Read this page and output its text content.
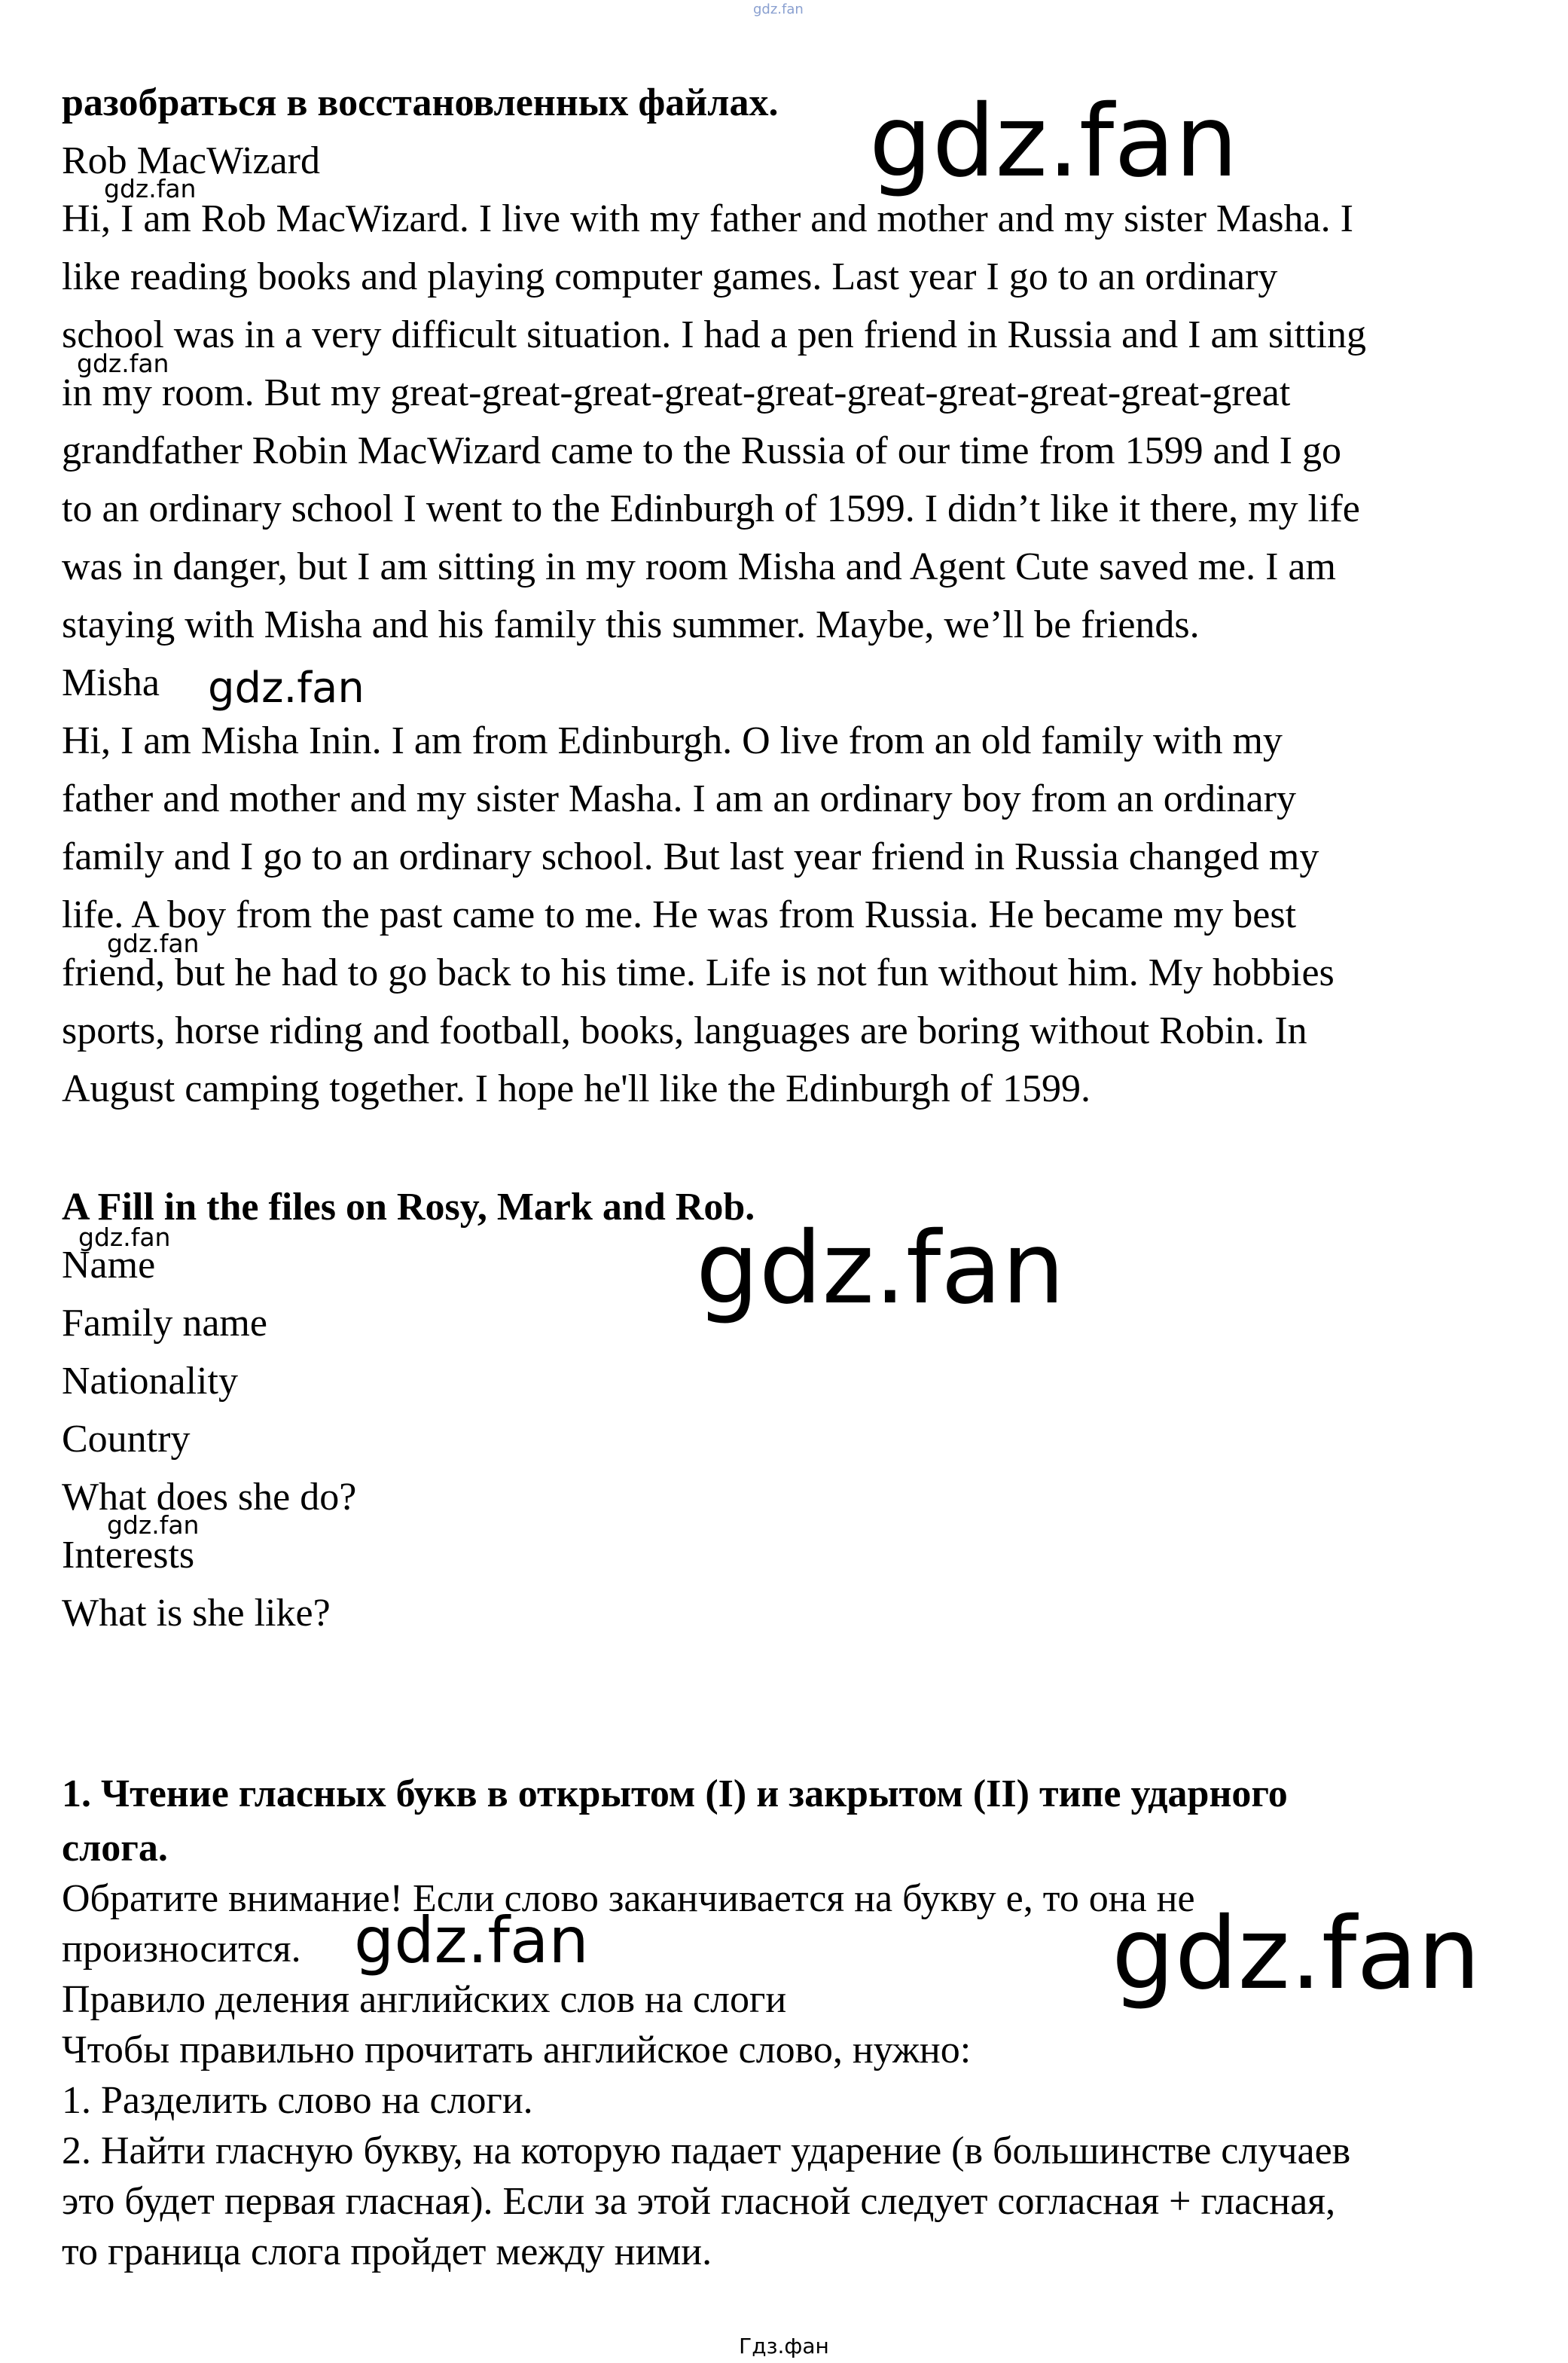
gdz.fan
разобраться в восстановленных файлах.
Rob MacWizard
Hi, I am Rob MacWizard. I live with my father and mother and my sister Masha. I
like reading books and playing computer games. Last year I go to an ordinary
school was in a very difficult situation. I had a pen friend in Russia and I am sitting
in my room. But my great-great-great-great-great-great-great-great-great-great
grandfather Robin MacWizard came to the Russia of our time from 1599 and I go
to an ordinary school I went to the Edinburgh of 1599. I didn’t like it there, my life
was in danger, but I am sitting in my room Misha and Agent Cute saved me. I am
staying with Misha and his family this summer. Maybe, we’ll be friends.
Misha
Hi, I am Misha Inin. I am from Edinburgh. O live from an old family with my
father and mother and my sister Masha. I am an ordinary boy from an ordinary
family and I go to an ordinary school. But last year friend in Russia changed my
life. A boy from the past came to me. He was from Russia. He became my best
friend, but he had to go back to his time. Life is not fun without him. My hobbies
sports, horse riding and football, books, languages are boring without Robin. In
August camping together. I hope he'll like the Edinburgh of 1599.
A Fill in the files on Rosy, Mark and Rob.
Name
Family name
Nationality
Country
What does she do?
Interests
What is she like?
1. Чтение гласных букв в открытом (I) и закрытом (II) типе ударного
слога.
Обратите внимание! Если слово заканчивается на букву е, то она не
произносится.
Правило деления английских слов на слоги
Чтобы правильно прочитать английское слово, нужно:
1. Разделить слово на слоги.
2. Найти гласную букву, на которую падает ударение (в большинстве случаев
это будет первая гласная). Если за этой гласной следует согласная + гласная,
то граница слога пройдет между ними.
gdz.fan
gdz.fan
gdz.fan
gdz.fan
gdz.fan
gdz.fan
gdz.fan
gdz.fan
gdz.fan
gdz.fan
Гдз.фан
